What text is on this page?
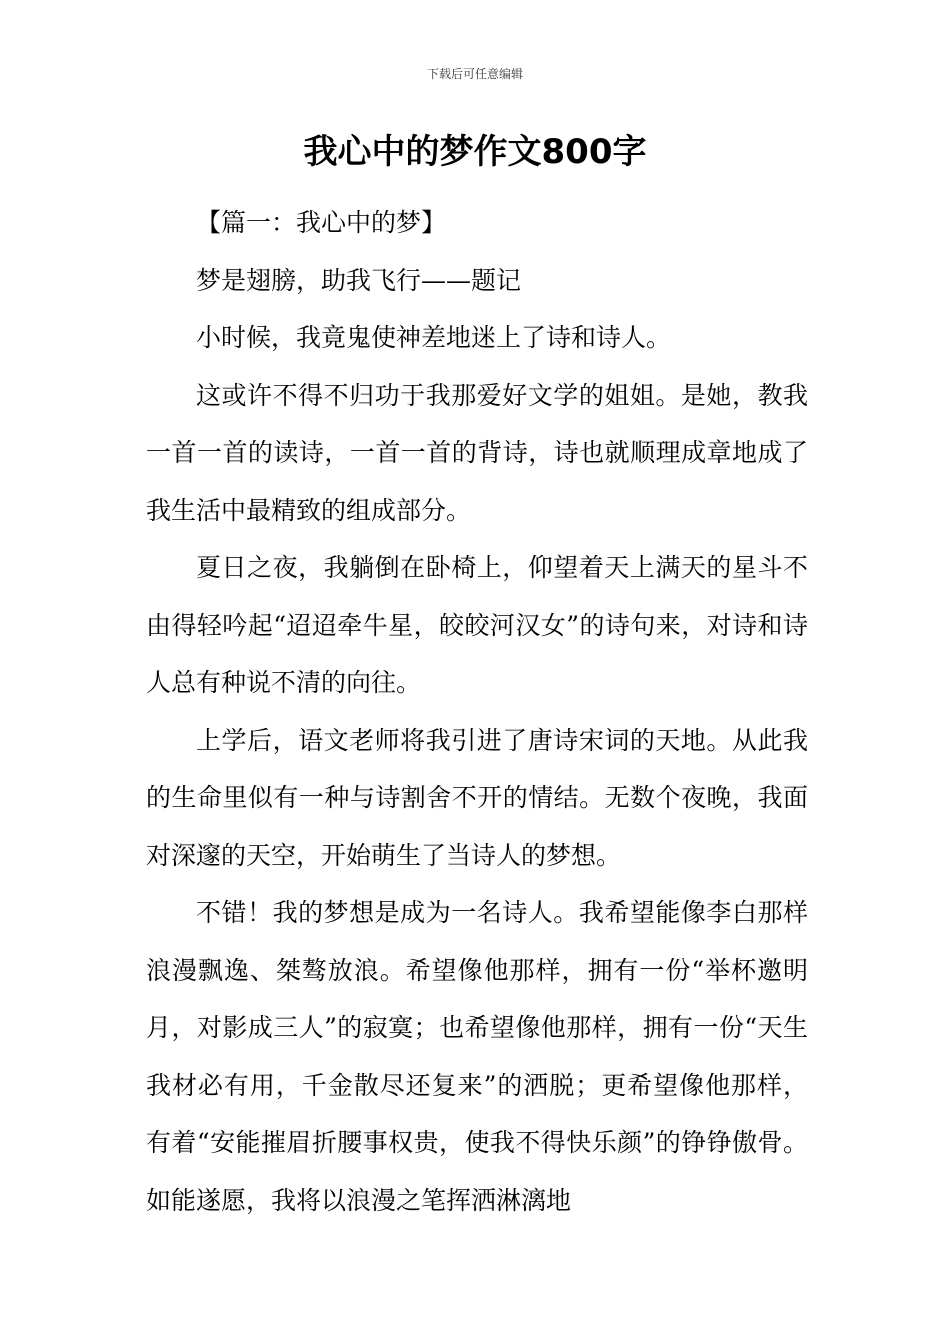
下载后可任意编辑
我心中的梦作文800字

【篇一：我心中的梦】

梦是翅膀，助我飞行——题记

小时候，我竟鬼使神差地迷上了诗和诗人。

这或许不得不归功于我那爱好文学的姐姐。是她，教我一首一首的读诗，一首一首的背诗，诗也就顺理成章地成了我生活中最精致的组成部分。

夏日之夜，我躺倒在卧椅上，仰望着天上满天的星斗不由得轻吟起“迢迢牵牛星，皎皎河汉女”的诗句来，对诗和诗人总有种说不清的向往。

上学后，语文老师将我引进了唐诗宋词的天地。从此我的生命里似有一种与诗割舍不开的情结。无数个夜晚，我面对深邃的天空，开始萌生了当诗人的梦想。

不错！我的梦想是成为一名诗人。我希望能像李白那样浪漫飘逸、桀骜放浪。希望像他那样，拥有一份“举杯邀明月，对影成三人”的寂寞；也希望像他那样，拥有一份“天生我材必有用，千金散尽还复来”的洒脱；更希望像他那样，有着“安能摧眉折腰事权贵，使我不得快乐颜”的铮铮傲骨。如能遂愿，我将以浪漫之笔挥洒淋漓地
